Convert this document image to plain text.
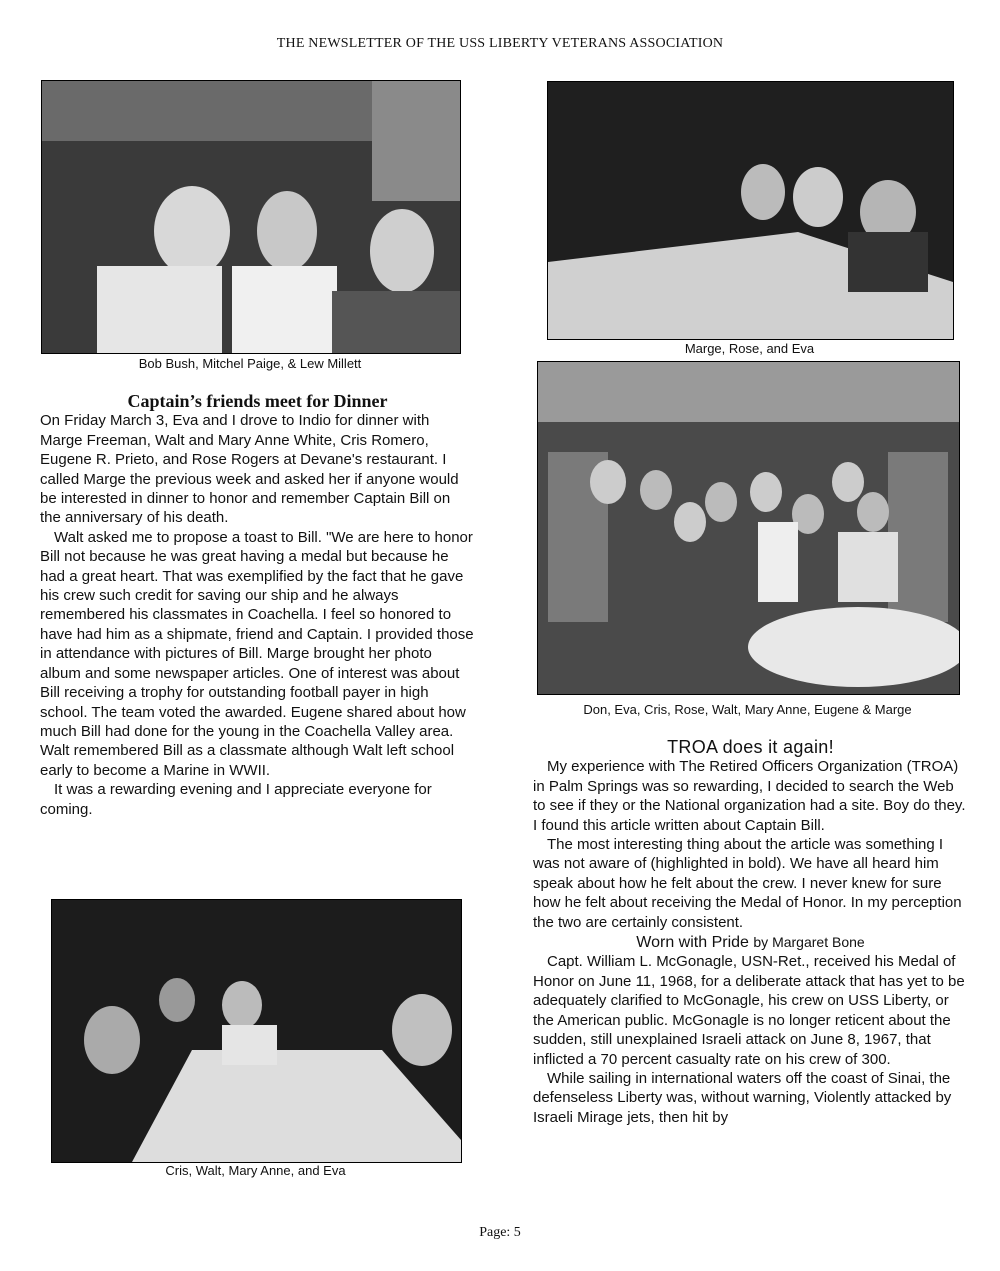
THE NEWSLETTER OF THE USS LIBERTY VETERANS ASSOCIATION
Bob Bush, Mitchel Paige, & Lew Millett
Marge, Rose, and Eva
Don, Eva, Cris, Rose, Walt, Mary Anne, Eugene & Marge
Cris, Walt, Mary Anne, and Eva
Captain’s friends meet for Dinner

On Friday March 3, Eva and I drove to Indio for dinner with Marge Freeman, Walt and Mary Anne White, Cris Romero, Eugene R. Prieto, and Rose Rogers at Devane's restaurant. I called Marge the previous week and asked her if anyone would be interested in dinner to honor and remember Captain Bill on the anniversary of his death.

Walt asked me to propose a toast to Bill. "We are here to honor Bill not because he was great having a medal but because he had a great heart. That was exemplified by the fact that he gave his crew such credit for saving our ship and he always remembered his classmates in Coachella. I feel so honored to have had him as a shipmate, friend and Captain. I provided those in attendance with pictures of Bill. Marge brought her photo album and some newspaper articles. One of interest was about Bill receiving a trophy for outstanding football payer in high school. The team voted the awarded. Eugene shared about how much Bill had done for the young in the Coachella Valley area. Walt remembered Bill as a classmate although Walt left school early to become a Marine in WWII.

It was a rewarding evening and I appreciate everyone for coming.

TROA does it again!

My experience with The Retired Officers Organization (TROA) in Palm Springs was so rewarding, I decided to search the Web to see if they or the National organization had a site. Boy do they. I found this article written about Captain Bill.

The most interesting thing about the article was something I was not aware of (highlighted in bold). We have all heard him speak about how he felt about the crew. I never knew for sure how he felt about receiving the Medal of Honor. In my perception the two are certainly consistent.

Worn with Pride by Margaret Bone

Capt. William L. McGonagle, USN-Ret., received his Medal of Honor on June 11, 1968, for a deliberate attack that has yet to be adequately clarified to McGonagle, his crew on USS Liberty, or the American public. McGonagle is no longer reticent about the sudden, still unexplained Israeli attack on June 8, 1967, that inflicted a 70 percent casualty rate on his crew of 300.

While sailing in international waters off the coast of Sinai, the defenseless Liberty was, without warning, Violently attacked by Israeli Mirage jets, then hit by

Page: 5
